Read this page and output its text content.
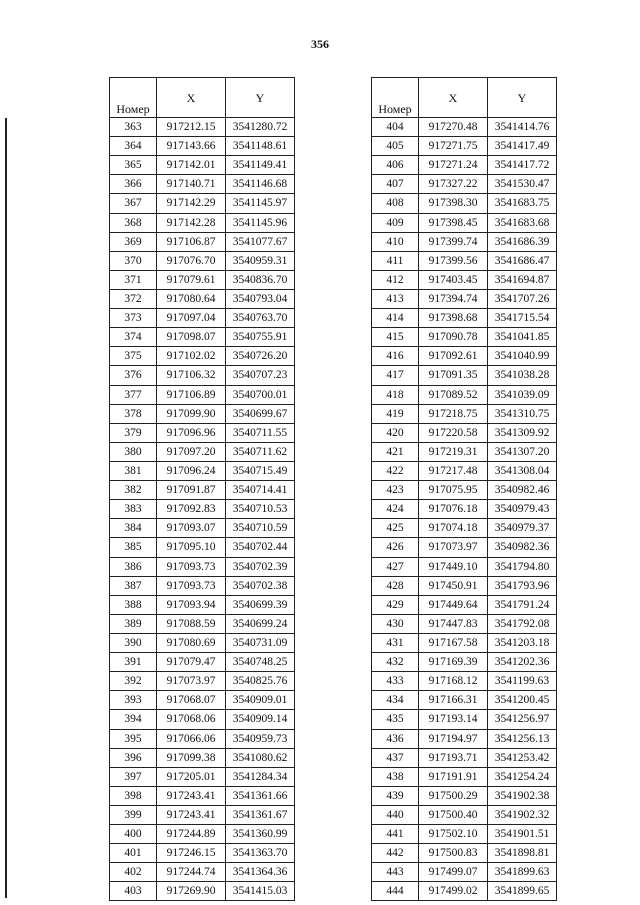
356
Номер	X	Y
363	917212.15	3541280.72
364	917143.66	3541148.61
365	917142.01	3541149.41
366	917140.71	3541146.68
367	917142.29	3541145.97
368	917142.28	3541145.96
369	917106.87	3541077.67
370	917076.70	3540959.31
371	917079.61	3540836.70
372	917080.64	3540793.04
373	917097.04	3540763.70
374	917098.07	3540755.91
375	917102.02	3540726.20
376	917106.32	3540707.23
377	917106.89	3540700.01
378	917099.90	3540699.67
379	917096.96	3540711.55
380	917097.20	3540711.62
381	917096.24	3540715.49
382	917091.87	3540714.41
383	917092.83	3540710.53
384	917093.07	3540710.59
385	917095.10	3540702.44
386	917093.73	3540702.39
387	917093.73	3540702.38
388	917093.94	3540699.39
389	917088.59	3540699.24
390	917080.69	3540731.09
391	917079.47	3540748.25
392	917073.97	3540825.76
393	917068.07	3540909.01
394	917068.06	3540909.14
395	917066.06	3540959.73
396	917099.38	3541080.62
397	917205.01	3541284.34
398	917243.41	3541361.66
399	917243.41	3541361.67
400	917244.89	3541360.99
401	917246.15	3541363.70
402	917244.74	3541364.36
403	917269.90	3541415.03
Номер	X	Y
404	917270.48	3541414.76
405	917271.75	3541417.49
406	917271.24	3541417.72
407	917327.22	3541530.47
408	917398.30	3541683.75
409	917398.45	3541683.68
410	917399.74	3541686.39
411	917399.56	3541686.47
412	917403.45	3541694.87
413	917394.74	3541707.26
414	917398.68	3541715.54
415	917090.78	3541041.85
416	917092.61	3541040.99
417	917091.35	3541038.28
418	917089.52	3541039.09
419	917218.75	3541310.75
420	917220.58	3541309.92
421	917219.31	3541307.20
422	917217.48	3541308.04
423	917075.95	3540982.46
424	917076.18	3540979.43
425	917074.18	3540979.37
426	917073.97	3540982.36
427	917449.10	3541794.80
428	917450.91	3541793.96
429	917449.64	3541791.24
430	917447.83	3541792.08
431	917167.58	3541203.18
432	917169.39	3541202.36
433	917168.12	3541199.63
434	917166.31	3541200.45
435	917193.14	3541256.97
436	917194.97	3541256.13
437	917193.71	3541253.42
438	917191.91	3541254.24
439	917500.29	3541902.38
440	917500.40	3541902.32
441	917502.10	3541901.51
442	917500.83	3541898.81
443	917499.07	3541899.63
444	917499.02	3541899.65
